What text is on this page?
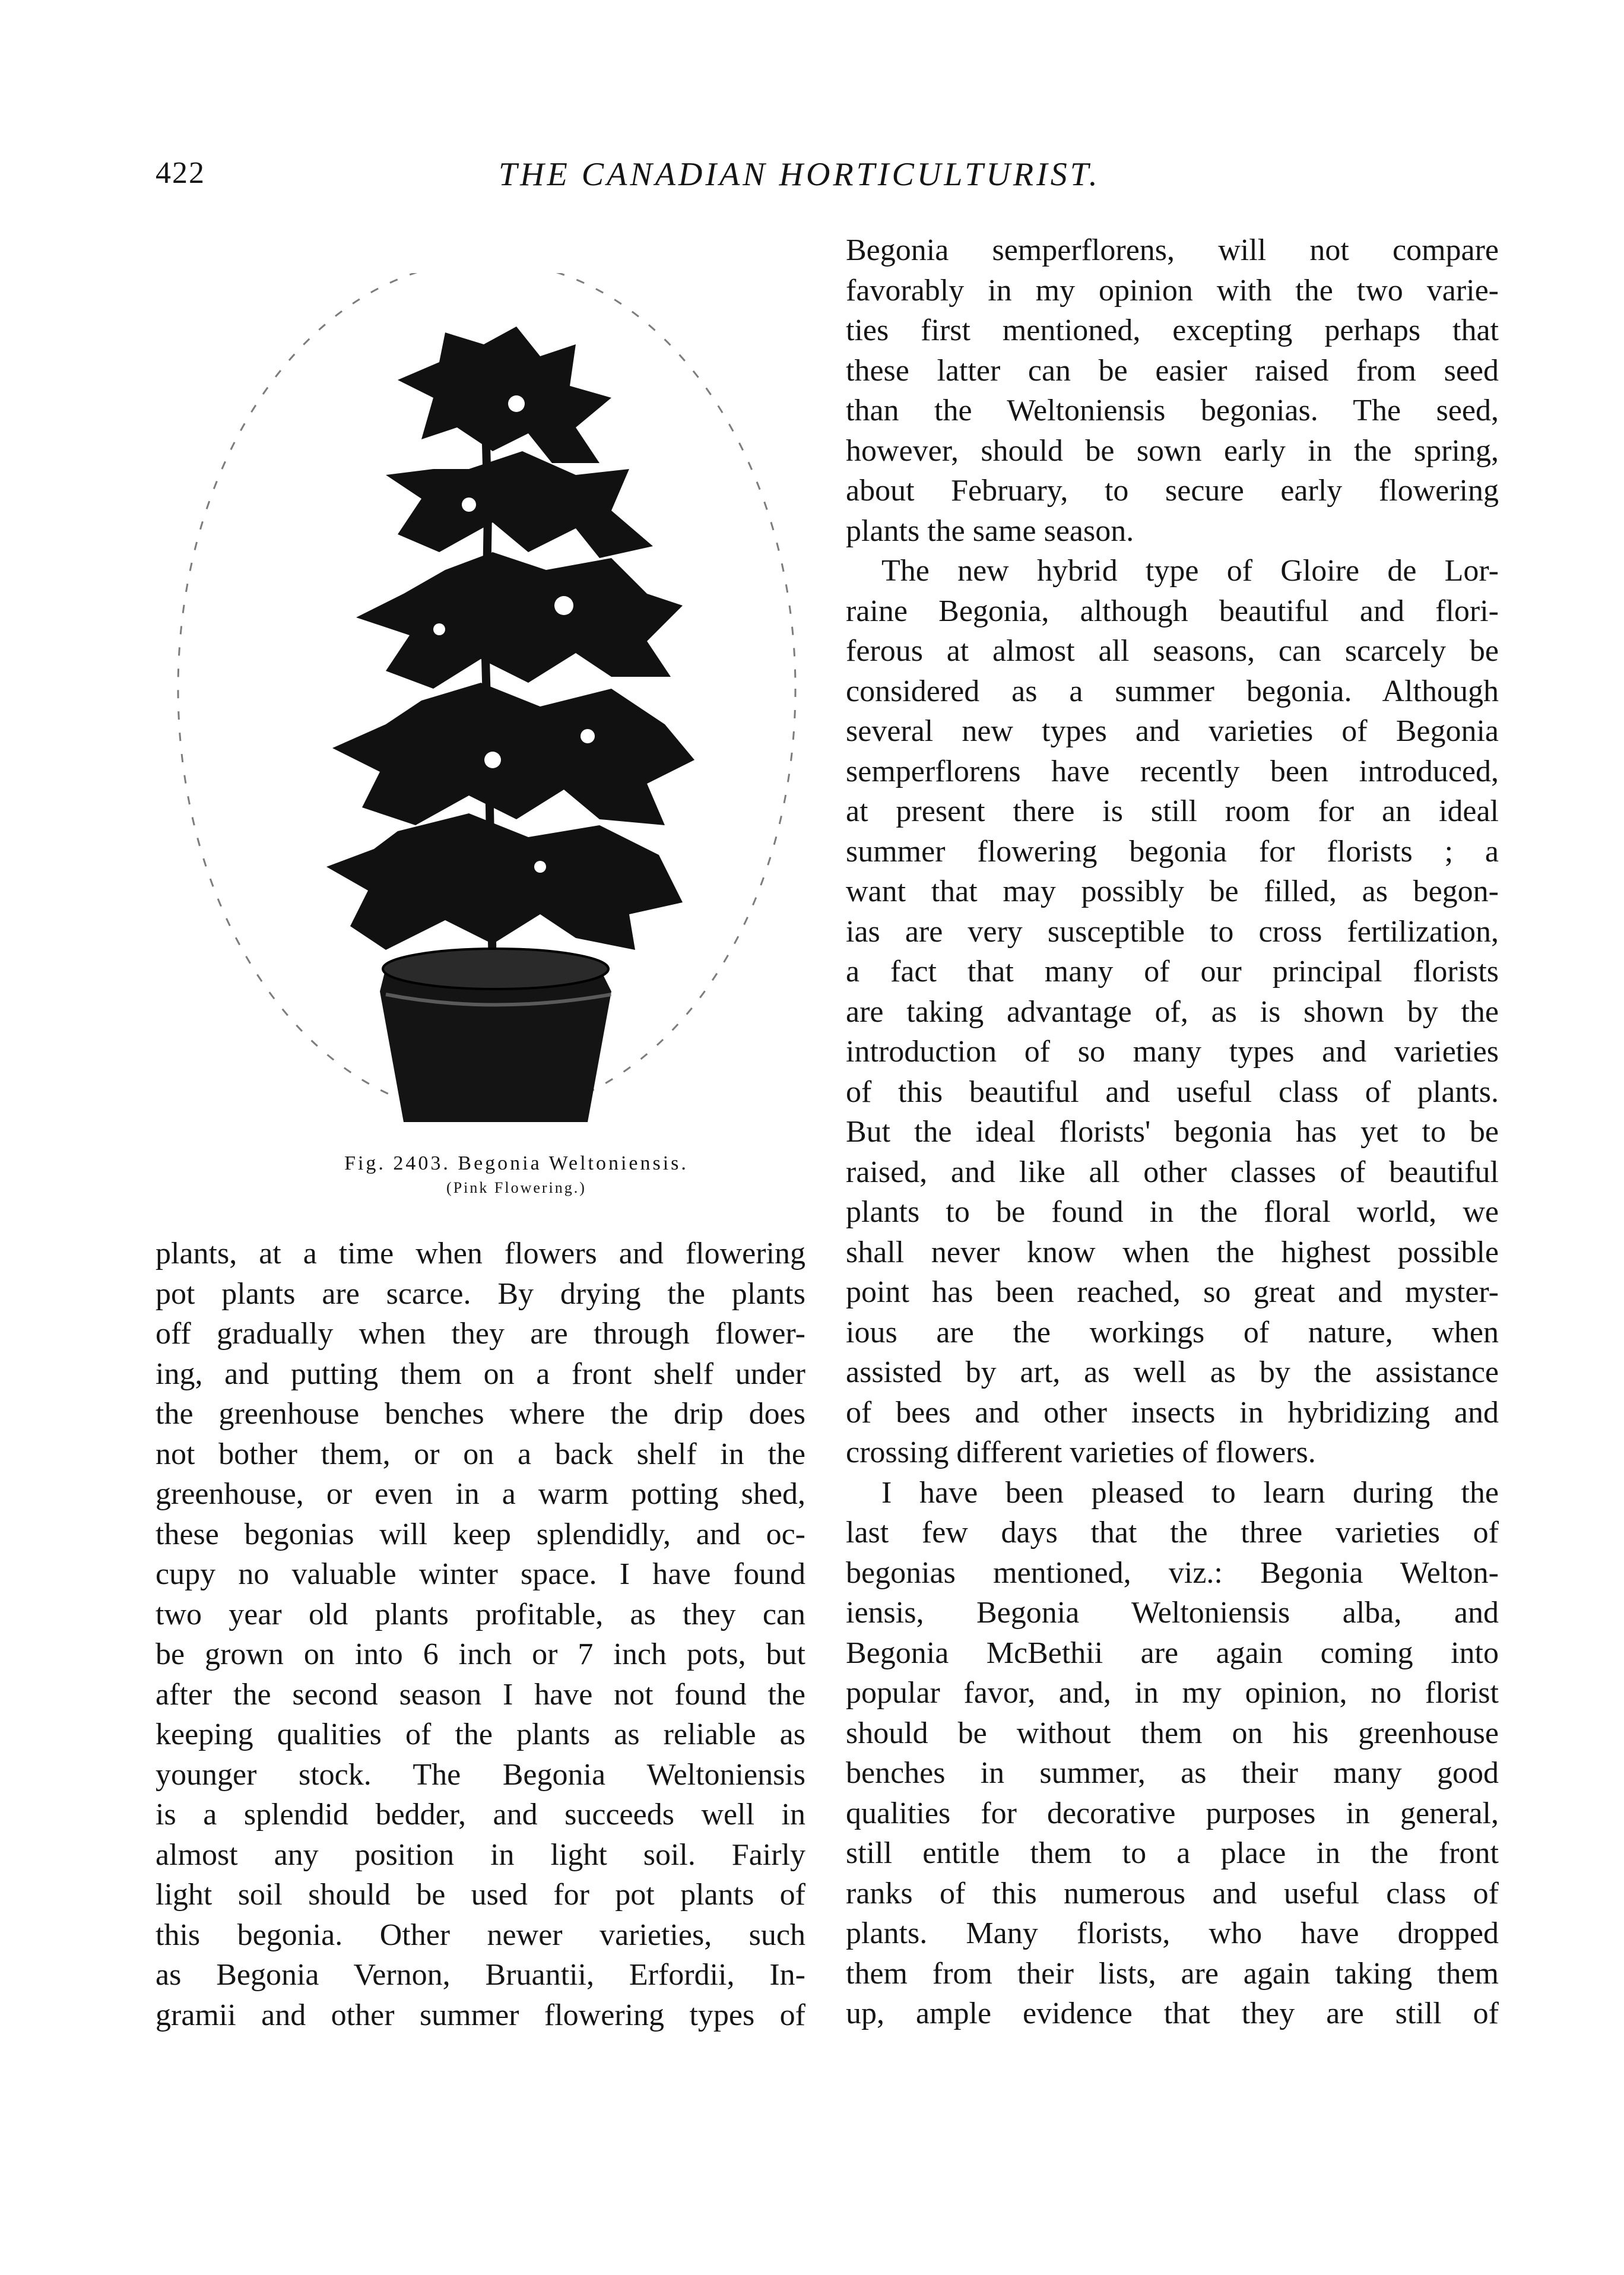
422	THE CANADIAN HORTICULTURIST.
Fig. 2403. Begonia Weltoniensis.
(Pink Flowering.)
Begonia semperflorens, will not compare
favorably in my opinion with the two varie-
ties first mentioned, excepting perhaps that
these latter can be easier raised from seed
than the Weltoniensis begonias. The seed,
however, should be sown early in the spring,
about February, to secure early flowering
plants the same season.
The new hybrid type of Gloire de Lor-
raine Begonia, although beautiful and flori-
ferous at almost all seasons, can scarcely be
considered as a summer begonia. Although
several new types and varieties of Begonia
semperflorens have recently been introduced,
at present there is still room for an ideal
summer flowering begonia for florists ; a
want that may possibly be filled, as begon-
ias are very susceptible to cross fertilization,
a fact that many of our principal florists
are taking advantage of, as is shown by the
introduction of so many types and varieties
of this beautiful and useful class of plants.
But the ideal florists' begonia has yet to be
raised, and like all other classes of beautiful
plants to be found in the floral world, we
shall never know when the highest possible
point has been reached, so great and myster-
ious are the workings of nature, when
assisted by art, as well as by the assistance
of bees and other insects in hybridizing and
crossing different varieties of flowers.
I have been pleased to learn during the
last few days that the three varieties of
begonias mentioned, viz.: Begonia Welton-
iensis, Begonia Weltoniensis alba, and
Begonia McBethii are again coming into
popular favor, and, in my opinion, no florist
should be without them on his greenhouse
benches in summer, as their many good
qualities for decorative purposes in general,
still entitle them to a place in the front
ranks of this numerous and useful class of
plants. Many florists, who have dropped
them from their lists, are again taking them
up, ample evidence that they are still of
plants, at a time when flowers and flowering
pot plants are scarce. By drying the plants
off gradually when they are through flower-
ing, and putting them on a front shelf under
the greenhouse benches where the drip does
not bother them, or on a back shelf in the
greenhouse, or even in a warm potting shed,
these begonias will keep splendidly, and oc-
cupy no valuable winter space. I have found
two year old plants profitable, as they can
be grown on into 6 inch or 7 inch pots, but
after the second season I have not found the
keeping qualities of the plants as reliable as
younger stock. The Begonia Weltoniensis
is a splendid bedder, and succeeds well in
almost any position in light soil. Fairly
light soil should be used for pot plants of
this begonia. Other newer varieties, such
as Begonia Vernon, Bruantii, Erfordii, In-
gramii and other summer flowering types of
